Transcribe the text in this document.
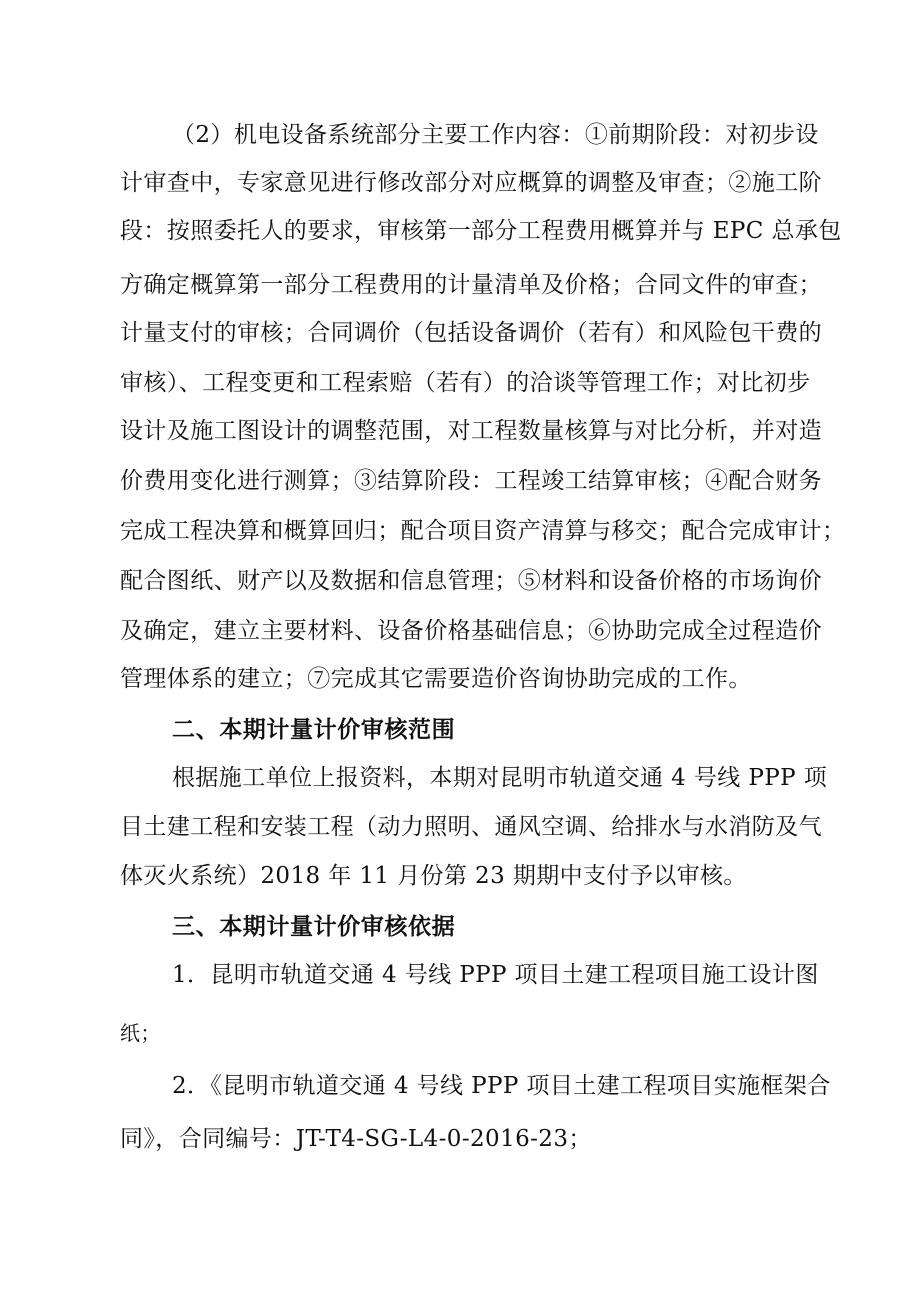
（2）机电设备系统部分主要工作内容：①前期阶段：对初步设
计审查中，专家意见进行修改部分对应概算的调整及审查；②施工阶
段：按照委托人的要求，审核第一部分工程费用概算并与 EPC 总承包
方确定概算第一部分工程费用的计量清单及价格；合同文件的审查；
计量支付的审核；合同调价（包括设备调价（若有）和风险包干费的
审核）、工程变更和工程索赔（若有）的洽谈等管理工作；对比初步
设计及施工图设计的调整范围，对工程数量核算与对比分析，并对造
价费用变化进行测算；③结算阶段：工程竣工结算审核；④配合财务
完成工程决算和概算回归；配合项目资产清算与移交；配合完成审计；
配合图纸、财产以及数据和信息管理；⑤材料和设备价格的市场询价
及确定，建立主要材料、设备价格基础信息；⑥协助完成全过程造价
管理体系的建立；⑦完成其它需要造价咨询协助完成的工作。
二、本期计量计价审核范围
根据施工单位上报资料，本期对昆明市轨道交通 4 号线 PPP 项
目土建工程和安装工程（动力照明、通风空调、给排水与水消防及气
体灭火系统）2018 年 11 月份第 23 期期中支付予以审核。
三、本期计量计价审核依据
1．昆明市轨道交通 4 号线 PPP 项目土建工程项目施工设计图
纸；
2．《昆明市轨道交通 4 号线 PPP 项目土建工程项目实施框架合
同》，合同编号：JT-T4-SG-L4-0-2016-23；
